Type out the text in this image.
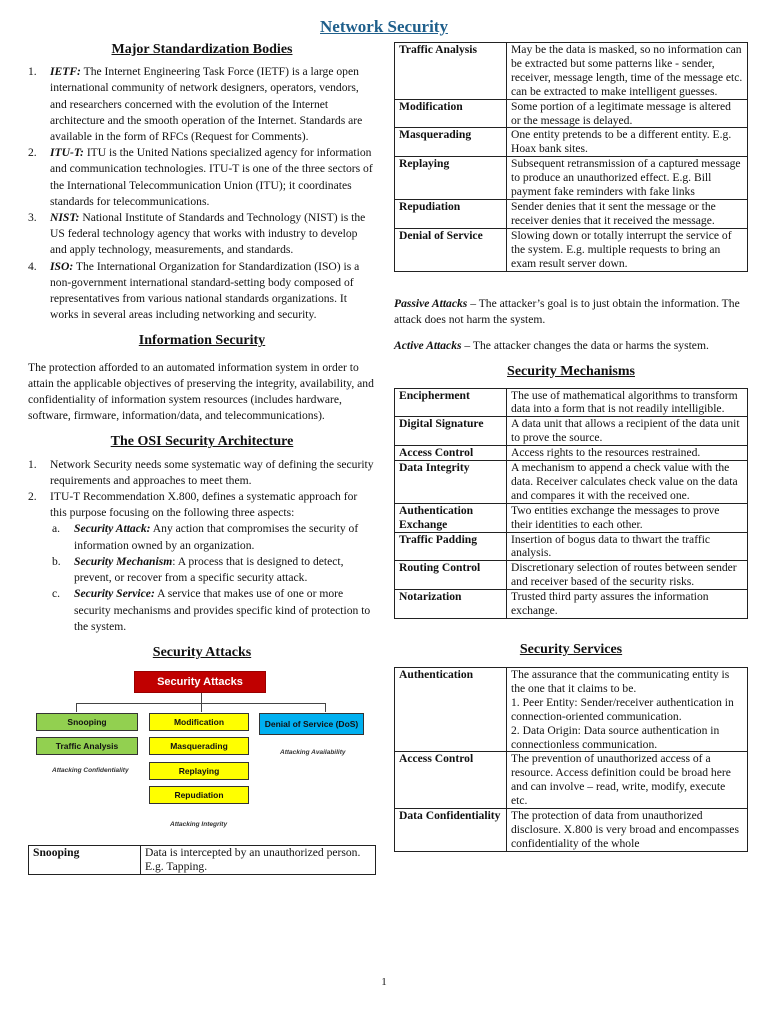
Network Security
Major Standardization Bodies
1. IETF: The Internet Engineering Task Force (IETF) is a large open international community of network designers, operators, vendors, and researchers concerned with the evolution of the Internet architecture and the smooth operation of the Internet. Standards are available in the form of RFCs (Request for Comments).
2. ITU-T: ITU is the United Nations specialized agency for information and communication technologies. ITU-T is one of the three sectors of the International Telecommunication Union (ITU); it coordinates standards for telecommunications.
3. NIST: National Institute of Standards and Technology (NIST) is the US federal technology agency that works with industry to develop and apply technology, measurements, and standards.
4. ISO: The International Organization for Standardization (ISO) is a non-government international standard-setting body composed of representatives from various national standards organizations. It works in several areas including networking and security.
Information Security

The protection afforded to an automated information system in order to attain the applicable objectives of preserving the integrity, availability, and confidentiality of information system resources (includes hardware, software, firmware, information/data, and telecommunications).

The OSI Security Architecture
1. Network Security needs some systematic way of defining the security requirements and approaches to meet them.
2. ITU-T Recommendation X.800, defines a systematic approach for this purpose focusing on the following three aspects:
a. Security Attack: Any action that compromises the security of information owned by an organization.
b. Security Mechanism: A process that is designed to detect, prevent, or recover from a specific security attack.
c. Security Service: A service that makes use of one or more security mechanisms and provides specific kind of protection to the system.
Security Attacks
Security Attacks
Snooping
Traffic Analysis
Attacking Confidentiality
Modification
Masquerading
Replaying
Repudiation
Attacking Integrity
Denial of Service (DoS)
Attacking Availability
Snooping	Data is intercepted by an unauthorized person. E.g. Tapping.
Traffic Analysis	May be the data is masked, so no information can be extracted but some patterns like - sender, receiver, message length, time of the message etc. can be extracted to make intelligent guesses.
Modification	Some portion of a legitimate message is altered or the message is delayed.
Masquerading	One entity pretends to be a different entity. E.g. Hoax bank sites.
Replaying	Subsequent retransmission of a captured message to produce an unauthorized effect. E.g. Bill payment fake reminders with fake links
Repudiation	Sender denies that it sent the message or the receiver denies that it received the message.
Denial of Service	Slowing down or totally interrupt the service of the system. E.g. multiple requests to bring an exam result server down.

Passive Attacks – The attacker’s goal is to just obtain the information. The attack does not harm the system.

Active Attacks – The attacker changes the data or harms the system.

Security Mechanisms
Encipherment	The use of mathematical algorithms to transform data into a form that is not readily intelligible.
Digital Signature	A data unit that allows a recipient of the data unit to prove the source.
Access Control	Access rights to the resources restrained.
Data Integrity	A mechanism to append a check value with the data. Receiver calculates check value on the data and compares it with the received one.
Authentication Exchange	Two entities exchange the messages to prove their identities to each other.
Traffic Padding	Insertion of bogus data to thwart the traffic analysis.
Routing Control	Discretionary selection of routes between sender and receiver based of the security risks.
Notarization	Trusted third party assures the information exchange.
Security Services
Authentication	The assurance that the communicating entity is the one that it claims to be.
1. Peer Entity: Sender/receiver authentication in connection-oriented communication.
2. Data Origin: Data source authentication in connectionless communication.

Access Control	The prevention of unauthorized access of a resource. Access definition could be broad here and can involve – read, write, modify, execute etc.
Data Confidentiality	The protection of data from unauthorized disclosure. X.800 is very broad and encompasses confidentiality of the whole
1
